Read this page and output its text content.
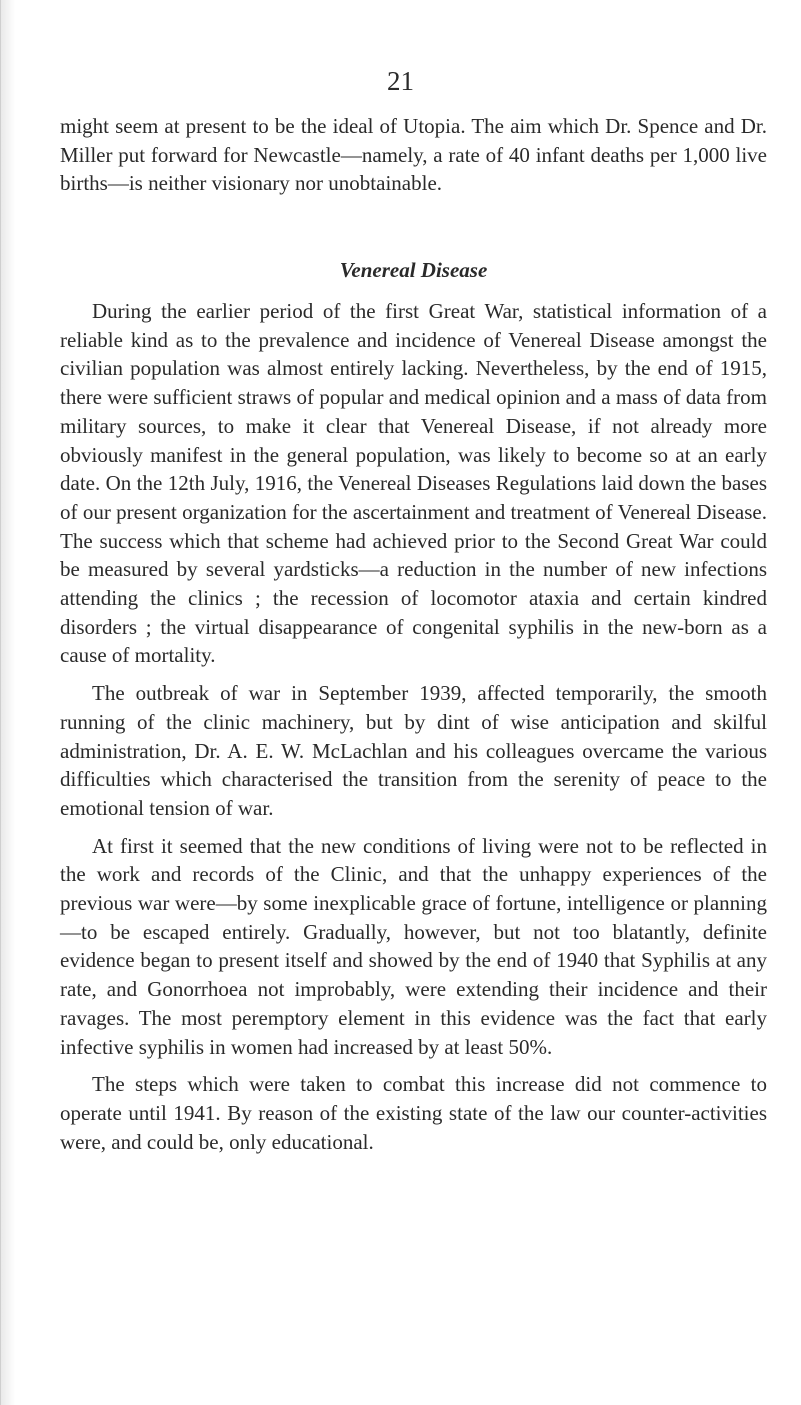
21

might seem at present to be the ideal of Utopia. The aim which Dr. Spence and Dr. Miller put forward for Newcastle—namely, a rate of 40 infant deaths per 1,000 live births—is neither visionary nor unobtainable.

Venereal Disease

During the earlier period of the first Great War, statistical information of a reliable kind as to the prevalence and incidence of Venereal Disease amongst the civilian population was almost entirely lacking. Nevertheless, by the end of 1915, there were sufficient straws of popular and medical opinion and a mass of data from military sources, to make it clear that Venereal Disease, if not already more obviously manifest in the general population, was likely to become so at an early date. On the 12th July, 1916, the Venereal Diseases Regulations laid down the bases of our present organization for the ascertainment and treatment of Venereal Disease. The success which that scheme had achieved prior to the Second Great War could be measured by several yardsticks—a reduction in the number of new infections attending the clinics ; the recession of locomotor ataxia and certain kindred disorders ; the virtual disappearance of congenital syphilis in the new-born as a cause of mortality.

The outbreak of war in September 1939, affected temporarily, the smooth running of the clinic machinery, but by dint of wise anticipation and skilful administration, Dr. A. E. W. McLachlan and his colleagues overcame the various difficulties which characterised the transition from the serenity of peace to the emotional tension of war.

At first it seemed that the new conditions of living were not to be reflected in the work and records of the Clinic, and that the unhappy experiences of the previous war were—by some inexplicable grace of fortune, intelligence or planning—to be escaped entirely. Gradually, however, but not too blatantly, definite evidence began to present itself and showed by the end of 1940 that Syphilis at any rate, and Gonorrhoea not improbably, were extending their incidence and their ravages. The most peremptory element in this evidence was the fact that early infective syphilis in women had increased by at least 50%.

The steps which were taken to combat this increase did not commence to operate until 1941. By reason of the existing state of the law our counter-activities were, and could be, only educational.
